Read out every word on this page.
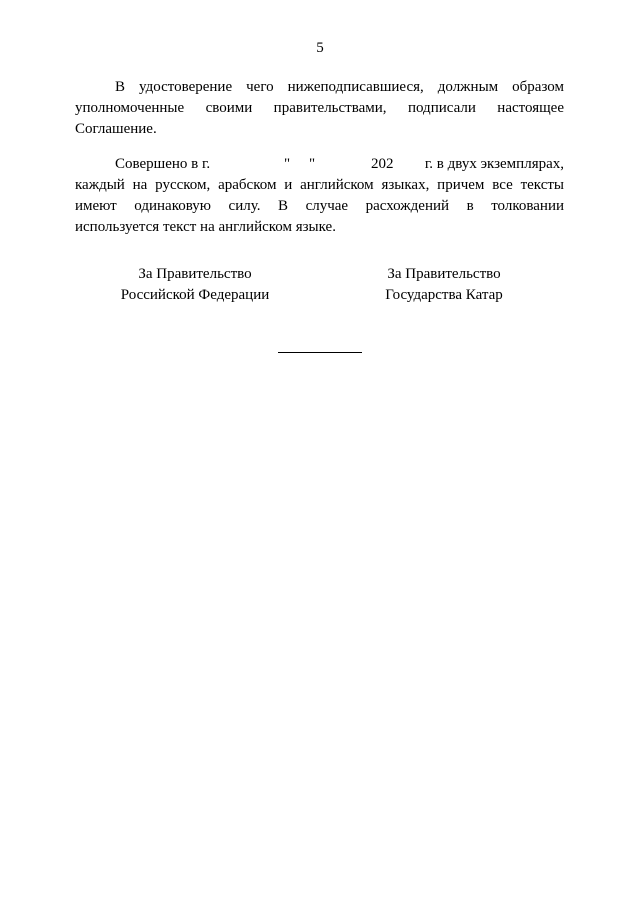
5
В удостоверение чего нижеподписавшиеся, должным образом
уполномоченные своими правительствами, подписали настоящее
Соглашение.
Совершено в г.	" "	202 г. в двух экземплярах,
каждый на русском, арабском и английском языках, причем все тексты
имеют одинаковую силу. В случае расхождений в толковании
используется текст на английском языке.
За Правительство
Российской Федерации
За Правительство
Государства Катар
